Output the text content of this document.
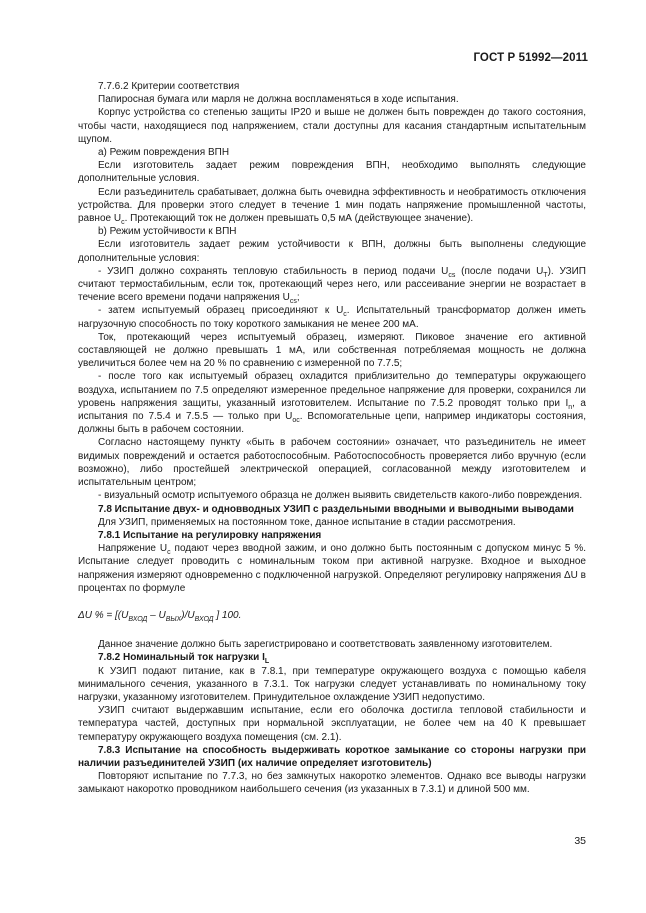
ГОСТ Р 51992—2011

7.7.6.2 Критерии соответствия

Папиросная бумага или марля не должна воспламеняться в ходе испытания.

Корпус устройства со степенью защиты IP20 и выше не должен быть поврежден до такого состояния, чтобы части, находящиеся под напряжением, стали доступны для касания стандартным испытательным щупом.

a) Режим повреждения ВПН

Если изготовитель задает режим повреждения ВПН, необходимо выполнять следующие дополнительные условия.

Если разъединитель срабатывает, должна быть очевидна эффективность и необратимость отключения устройства. Для проверки этого следует в течение 1 мин подать напряжение промышленной частоты, равное $U_c$. Протекающий ток не должен превышать 0,5 мА (действующее значение).

b) Режим устойчивости к ВПН

Если изготовитель задает режим устойчивости к ВПН, должны быть выполнены следующие дополнительные условия:

- УЗИП должно сохранять тепловую стабильность в период подачи $U_{cs}$ (после подачи $U_T$). УЗИП считают термостабильным, если ток, протекающий через него, или рассеивание энергии не возрастает в течение всего времени подачи напряжения $U_{cs}$;

- затем испытуемый образец присоединяют к $U_c$. Испытательный трансформатор должен иметь нагрузочную способность по току короткого замыкания не менее 200 мА.

Ток, протекающий через испытуемый образец, измеряют. Пиковое значение его активной составляющей не должно превышать 1 мА, или собственная потребляемая мощность не должна увеличиться более чем на 20 % по сравнению с измеренной по 7.7.5;

- после того как испытуемый образец охладится приблизительно до температуры окружающего воздуха, испытанием по 7.5 определяют измеренное предельное напряжение для проверки, сохранился ли уровень напряжения защиты, указанный изготовителем. Испытание по 7.5.2 проводят только при $I_n$, а испытания по 7.5.4 и 7.5.5 — только при $U_{oc}$. Вспомогательные цепи, например индикаторы состояния, должны быть в рабочем состоянии.

Согласно настоящему пункту «быть в рабочем состоянии» означает, что разъединитель не имеет видимых повреждений и остается работоспособным. Работоспособность проверяется либо вручную (если возможно), либо простейшей электрической операцией, согласованной между изготовителем и испытательным центром;

- визуальный осмотр испытуемого образца не должен выявить свидетельств какого-либо повреждения.

7.8 Испытание двух- и одновводных УЗИП с раздельными вводными и выводными выводами

Для УЗИП, применяемых на постоянном токе, данное испытание в стадии рассмотрения.

7.8.1 Испытание на регулировку напряжения

Напряжение $U_c$ подают через вводной зажим, и оно должно быть постоянным с допуском минус 5 %. Испытание следует проводить с номинальным током при активной нагрузке. Входное и выходное напряжения измеряют одновременно с подключенной нагрузкой. Определяют регулировку напряжения ΔU в процентах по формуле

ΔU % = [$(U_{ВХОД} - U_{ВЫХ})/U_{ВХОД}$ ] 100.

Данное значение должно быть зарегистрировано и соответствовать заявленному изготовителем.

7.8.2 Номинальный ток нагрузки $I_L$

К УЗИП подают питание, как в 7.8.1, при температуре окружающего воздуха с помощью кабеля минимального сечения, указанного в 7.3.1. Ток нагрузки следует устанавливать по номинальному току нагрузки, указанному изготовителем. Принудительное охлаждение УЗИП недопустимо.

УЗИП считают выдержавшим испытание, если его оболочка достигла тепловой стабильности и температура частей, доступных при нормальной эксплуатации, не более чем на 40 К превышает температуру окружающего воздуха помещения (см. 2.1).

7.8.3 Испытание на способность выдерживать короткое замыкание со стороны нагрузки при наличии разъединителей УЗИП (их наличие определяет изготовитель)

Повторяют испытание по 7.7.3, но без замкнутых накоротко элементов. Однако все выводы нагрузки замыкают накоротко проводником наибольшего сечения (из указанных в 7.3.1) и длиной 500 мм.

35
